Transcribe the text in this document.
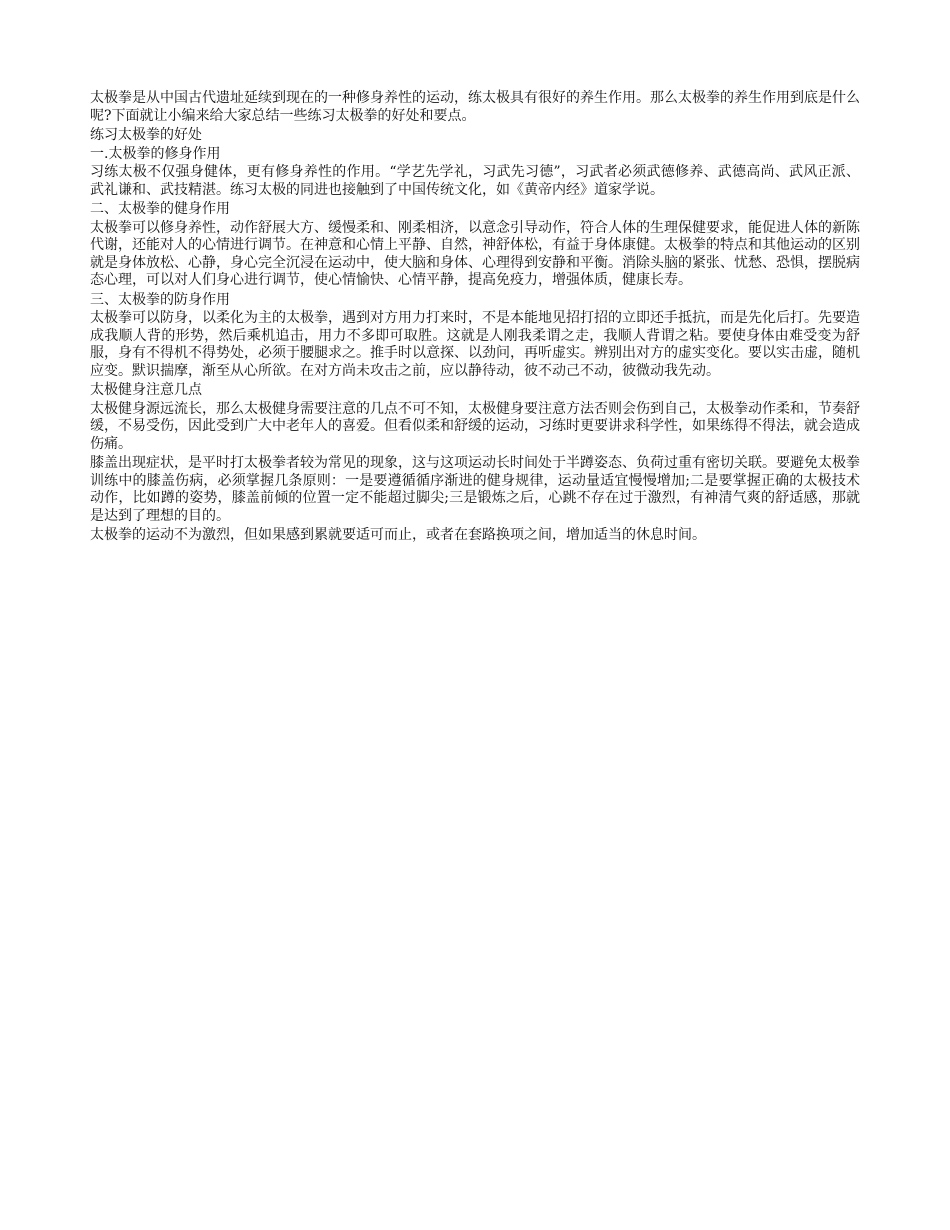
太极拳是从中国古代遗址延续到现在的一种修身养性的运动，练太极具有很好的养生作用。那么太极拳的养生作用到底是什么呢?下面就让小编来给大家总结一些练习太极拳的好处和要点。

练习太极拳的好处

一.太极拳的修身作用

习练太极不仅强身健体，更有修身养性的作用。“学艺先学礼，习武先习德”，习武者必须武德修养、武德高尚、武风正派、武礼谦和、武技精湛。练习太极的同进也接触到了中国传统文化，如《黄帝内经》道家学说。

二、太极拳的健身作用

太极拳可以修身养性，动作舒展大方、缓慢柔和、刚柔相济，以意念引导动作，符合人体的生理保健要求，能促进人体的新陈代谢，还能对人的心情进行调节。在神意和心情上平静、自然，神舒体松，有益于身体康健。太极拳的特点和其他运动的区别就是身体放松、心静，身心完全沉浸在运动中，使大脑和身体、心理得到安静和平衡。消除头脑的紧张、忧愁、恐惧，摆脱病态心理，可以对人们身心进行调节，使心情愉快、心情平静，提高免疫力，增强体质，健康长寿。

三、太极拳的防身作用

太极拳可以防身，以柔化为主的太极拳，遇到对方用力打来时，不是本能地见招打招的立即还手抵抗，而是先化后打。先要造成我顺人背的形势，然后乘机追击，用力不多即可取胜。这就是人刚我柔谓之走，我顺人背谓之粘。要使身体由难受变为舒服，身有不得机不得势处，必须于腰腿求之。推手时以意探、以劲问，再听虚实。辨别出对方的虚实变化。要以实击虚，随机应变。默识揣摩，渐至从心所欲。在对方尚未攻击之前，应以静待动，彼不动己不动，彼微动我先动。

太极健身注意几点

太极健身源远流长，那么太极健身需要注意的几点不可不知，太极健身要注意方法否则会伤到自己，太极拳动作柔和，节奏舒缓，不易受伤，因此受到广大中老年人的喜爱。但看似柔和舒缓的运动，习练时更要讲求科学性，如果练得不得法，就会造成伤痛。

膝盖出现症状，是平时打太极拳者较为常见的现象，这与这项运动长时间处于半蹲姿态、负荷过重有密切关联。要避免太极拳训练中的膝盖伤病，必须掌握几条原则：一是要遵循循序渐进的健身规律，运动量适宜慢慢增加;二是要掌握正确的太极技术动作，比如蹲的姿势，膝盖前倾的位置一定不能超过脚尖;三是锻炼之后，心跳不存在过于激烈，有神清气爽的舒适感，那就是达到了理想的目的。

太极拳的运动不为激烈，但如果感到累就要适可而止，或者在套路换项之间，增加适当的休息时间。
